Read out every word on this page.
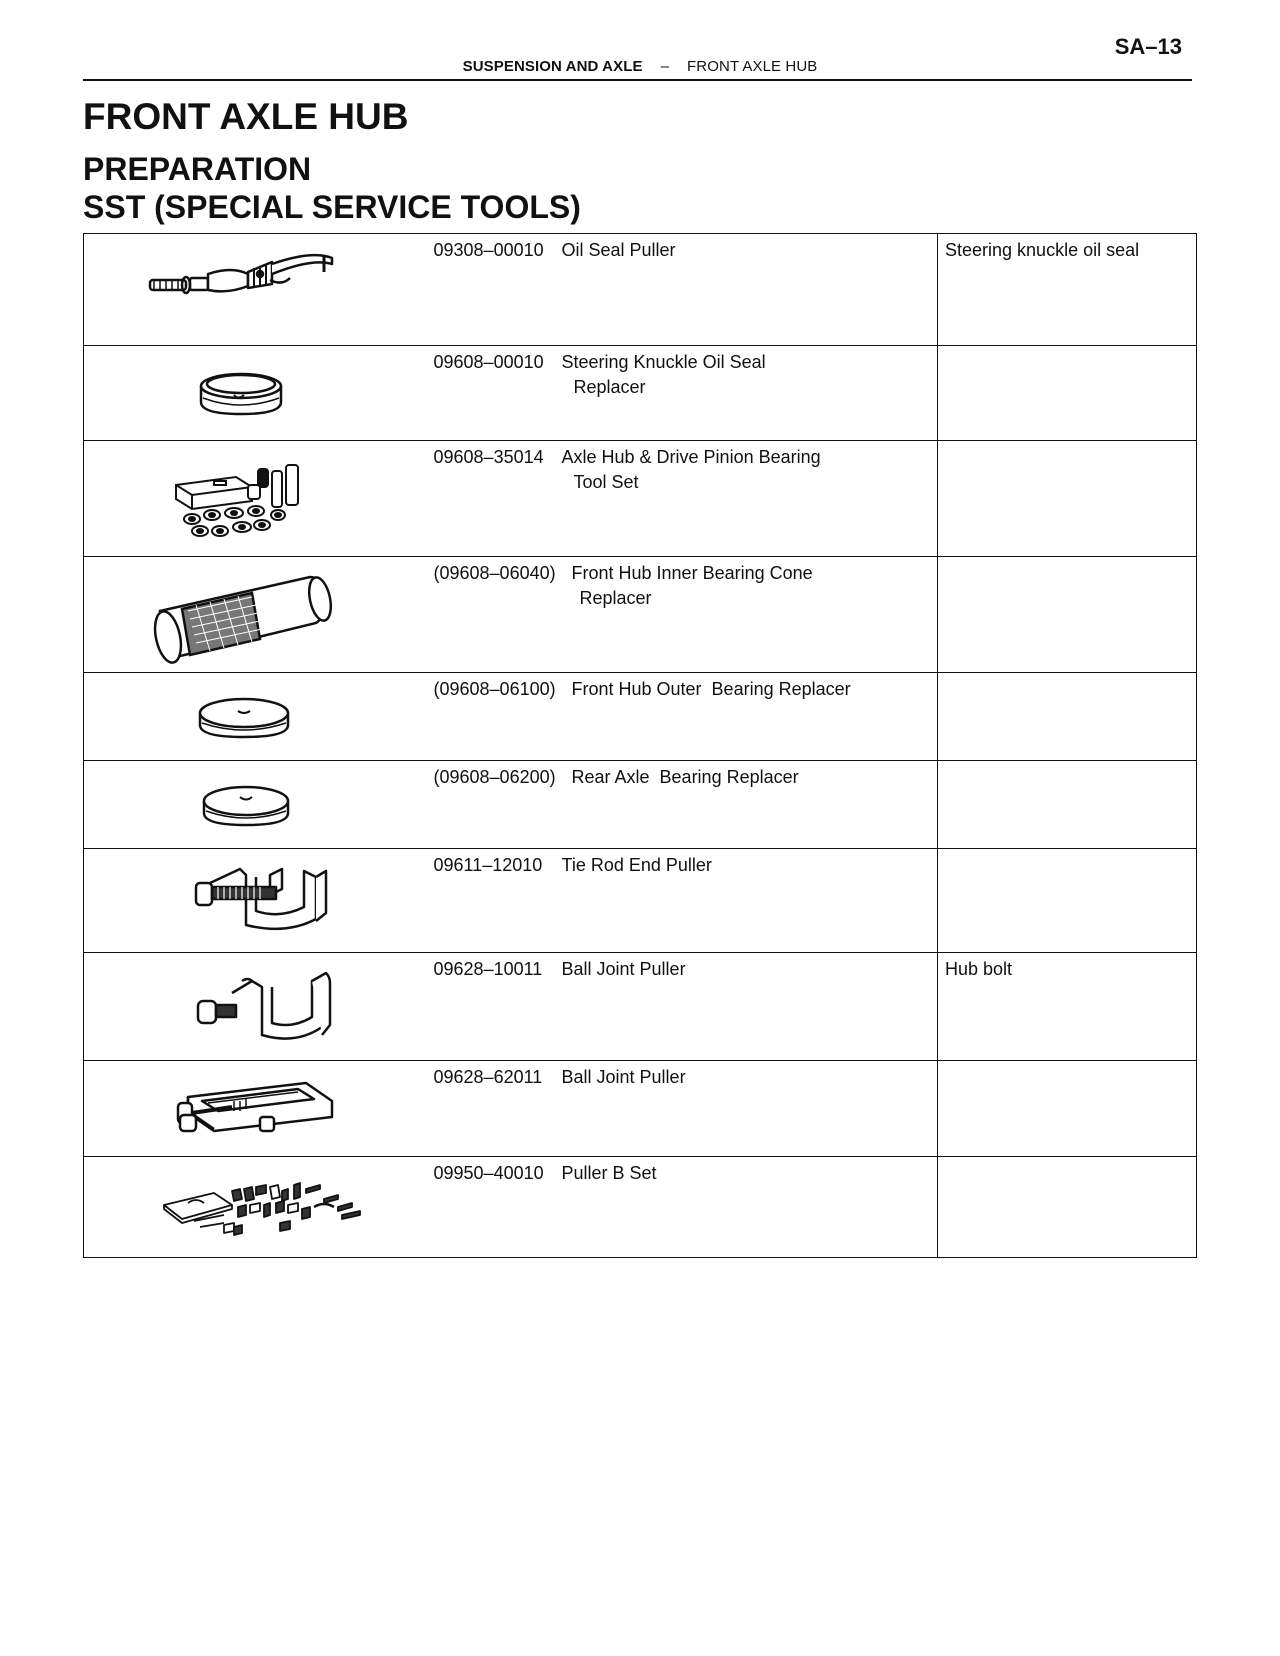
SA–13
SUSPENSION AND AXLE – FRONT AXLE HUB
FRONT AXLE HUB
PREPARATION
SST (SPECIAL SERVICE TOOLS)

09308–00010 Oil Seal Puller	Steering knuckle oil seal

09608–00010 Steering Knuckle Oil Seal
Replacer	

09608–35014 Axle Hub & Drive Pinion Bearing
Tool Set	

(09608–06040) Front Hub Inner Bearing Cone
Replacer	

(09608–06100) Front Hub Outer  Bearing Replacer	

(09608–06200) Rear Axle  Bearing Replacer	

09611–12010 Tie Rod End Puller	

09628–10011 Ball Joint Puller	Hub bolt

09628–62011 Ball Joint Puller	

09950–40010 Puller B Set	
